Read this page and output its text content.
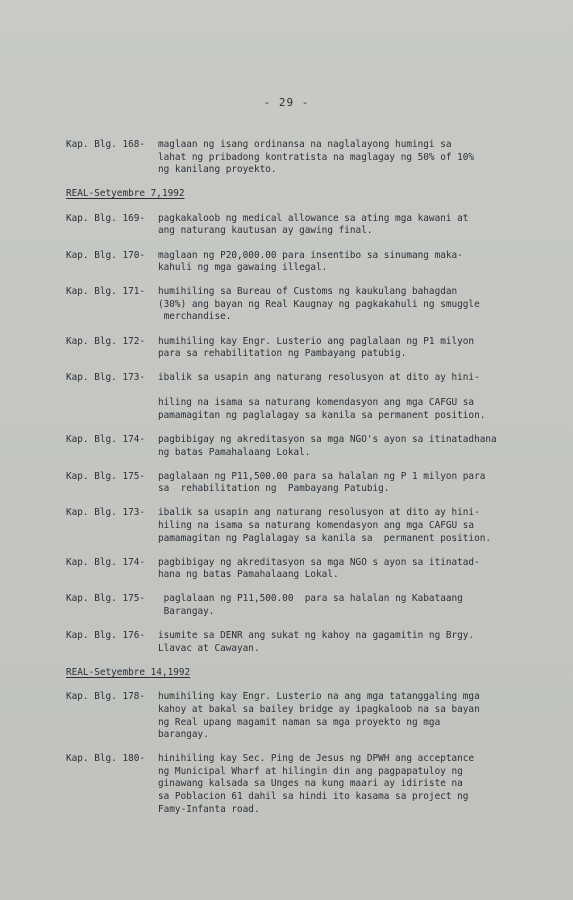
- 29 -
Kap. Blg. 168-	maglaan ng isang ordinansa na naglalayong humingi sa
lahat ng pribadong kontratista na maglagay ng 50% of 10%
ng kanilang proyekto.
REAL-Setyembre 7,1992
Kap. Blg. 169-	pagkakaloob ng medical allowance sa ating mga kawani at
ang naturang kautusan ay gawing final.
Kap. Blg. 170-	maglaan ng P20,000.00 para insentibo sa sinumang maka-
kahuli ng mga gawaing illegal.
Kap. Blg. 171-	humihiling sa Bureau of Customs ng kaukulang bahagdan
(30%) ang bayan ng Real Kaugnay ng pagkakahuli ng smuggle
merchandise.
Kap. Blg. 172-	humihiling kay Engr. Lusterio ang paglalaan ng P1 milyon
para sa rehabilitation ng Pambayang patubig.
Kap. Blg. 173-	ibalik sa usapin ang naturang resolusyon at dito ay hini-

hiling na isama sa naturang komendasyon ang mga CAFGU sa
pamamagitan ng paglalagay sa kanila sa permanent position.
Kap. Blg. 174-	pagbibigay ng akreditasyon sa mga NGO's ayon sa itinatadhana
ng batas Pamahalaang Lokal.
Kap. Blg. 175-	paglalaan ng P11,500.00 para sa halalan ng P 1 milyon para
sa  rehabilitation ng  Pambayang Patubig.
Kap. Blg. 173-	ibalik sa usapin ang naturang resolusyon at dito ay hini-
hiling na isama sa naturang komendasyon ang mga CAFGU sa
pamamagitan ng Paglalagay sa kanila sa  permanent position.
Kap. Blg. 174-	pagbibigay ng akreditasyon sa mga NGO s ayon sa itinatad-
hana ng batas Pamahalaang Lokal.
Kap. Blg. 175-	paglalaan ng P11,500.00  para sa halalan ng Kabataang
Barangay.
Kap. Blg. 176-	isumite sa DENR ang sukat ng kahoy na gagamitin ng Brgy.
Llavac at Cawayan.
REAL-Setyembre 14,1992
Kap. Blg. 178-	humihiling kay Engr. Lusterio na ang mga tatanggaling mga
kahoy at bakal sa bailey bridge ay ipagkaloob na sa bayan
ng Real upang magamit naman sa mga proyekto ng mga
barangay.
Kap. Blg. 180-	hinihiling kay Sec. Ping de Jesus ng DPWH ang acceptance
ng Municipal Wharf at hilingin din ang pagpapatuloy ng
ginawang kalsada sa Unges na kung maari ay idiriste na
sa Poblacion 61 dahil sa hindi ito kasama sa project ng
Famy-Infanta road.
